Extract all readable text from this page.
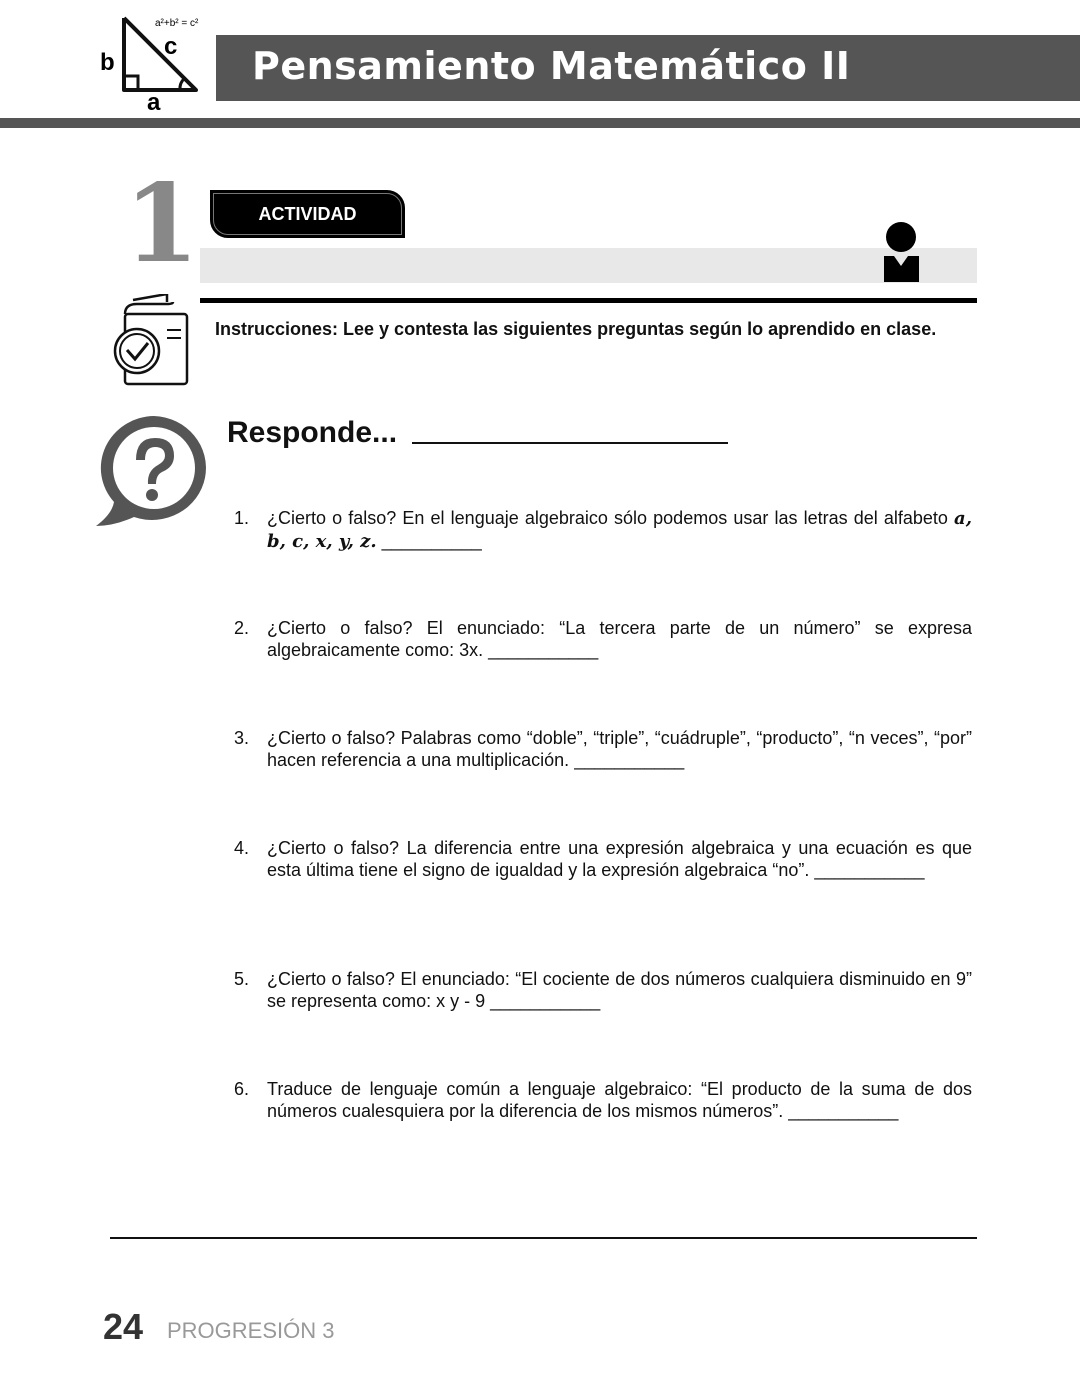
a²+b² = c²
c
b
a
Pensamiento Matemático II
1	ACTIVIDAD
Instrucciones: Lee y contesta las siguientes preguntas según lo aprendido en clase.
Responde...
1. ¿Cierto o falso? En el lenguaje algebraico sólo podemos usar las letras del alfabeto a, b, c, x, y, z. __________
2. ¿Cierto o falso? El enunciado: “La tercera parte de un número” se expresa algebraicamente como: 3x. ___________
3. ¿Cierto o falso? Palabras como “doble”, “triple”, “cuádruple”, “producto”, “n veces”, “por” hacen referencia a una multiplicación. ___________
4. ¿Cierto o falso? La diferencia entre una expresión algebraica y una ecuación es que esta última tiene el signo de igualdad y la expresión algebraica “no”. ___________
5. ¿Cierto o falso? El enunciado: “El cociente de dos números cualquiera disminuido en 9” se representa como: x y - 9 ___________
6. Traduce de lenguaje común a lenguaje algebraico: “El producto de la suma de dos números cualesquiera por la diferencia de los mismos números”. ___________
24 PROGRESIÓN 3
